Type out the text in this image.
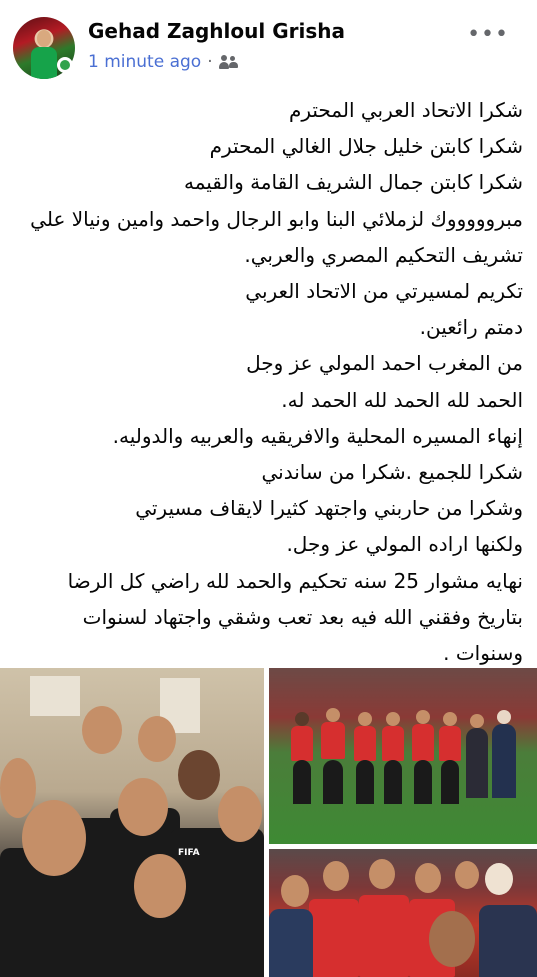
Gehad Zaghloul Grisha
1 minute ago ·
•••
شكرا الاتحاد العربي المحترم
شكرا كابتن خليل جلال الغالي المحترم
شكرا كابتن جمال الشريف القامة والقيمه
مبروووووك لزملائي البنا وابو الرجال واحمد وامين ونيالا علي
تشريف التحكيم المصري والعربي.
تكريم لمسيرتي من الاتحاد العربي
دمتم رائعين.
من المغرب احمد المولي عز وجل
الحمد لله الحمد لله الحمد له.
إنهاء المسيره المحلية والافريقيه والعربيه والدوليه.
شكرا للجميع .شكرا من ساندني
وشكرا من حاربني واجتهد كثيرا لايقاف مسيرتي
ولكنها اراده المولي عز وجل.
نهايه مشوار 25 سنه تحكيم والحمد لله راضي كل الرضا
بتاريخ وفقني الله فيه بعد تعب وشقي واجتهاد لسنوات
وسنوات .
FIFA
